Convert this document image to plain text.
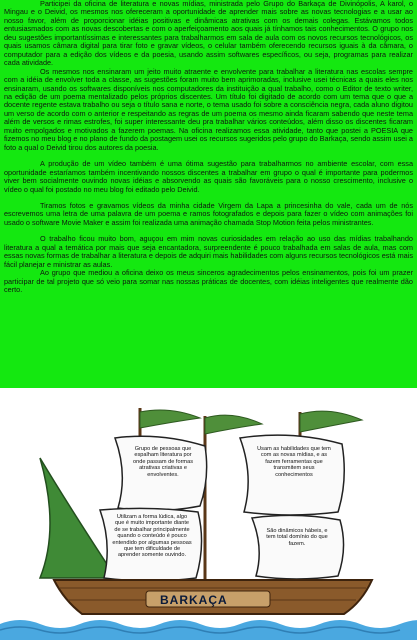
Participei da oficina de literatura e novas mídias, ministrada pelo Grupo do Barkaça de Divinópolis, A karol, o Mingau e o Deivid, os mesmos nos ofereceram a oportunidade de aprender mais sobre as novas tecnologias e a usar ao nosso favor, além de proporcionar idéias positivas e dinâmicas atrativas com os demais colegas. Estávamos todos entusiasmados com as novas descobertas e com o aperfeiçoamento aos quais já tínhamos tais conhecimentos. O grupo nos deu sugestões importantíssimas e interessantes para trabalharmos em sala de aula com os novos recursos tecnológicos, os quais usamos câmara digital para tirar foto e gravar vídeos, o celular também oferecendo recursos iguais à da câmara, o computador para a edição dos vídeos e da poesia, usando assim softwares específicos, ou seja, programas para realizar cada atividade.

Os mesmos nos ensinaram um jeito muito atraente e envolvente para trabalhar a literatura nas escolas sempre com a idéia de envolver toda a classe, as sugestões foram muito bem aprimoradas, inclusive usei técnicas a quais eles nos ensinaram, usando os softwares disponíveis nos computadores da instituição a qual trabalho, como o Editor de texto writer, na edição de um poema mentalizado pelos próprios discentes. Um título foi digitado de acordo com um tema que o que a docente regente estava trabalho ou seja o título sana e norte, o tema usado foi sobre a consciência negra, cada aluno digitou um verso de acordo com o anterior e respeitando as regras de um poema os mesmo ainda ficaram sabendo que neste tema além de versos e rimas estrofes, foi super interessante deu pra trabalhar vários conteúdos, além disso os discentes ficaram muito empolgados e motivados a fazerem poemas. Na oficina realizamos essa atividade, tanto que postei a POESIA que fizemos no meu blog e no plano de fundo da postagem usei os recursos sugeridos pelo grupo do Barkaça, sendo assim usei a foto a qual o Deivid tirou dos autores da poesia.

A produção de um vídeo também é uma ótima sugestão para trabalharmos no ambiente escolar, com essa oportunidade estaríamos também incentivando nossos discentes a trabalhar em grupo o qual é importante para podermos viver bem socialmente ouvindo novas idéias e absorvendo as quais são favoráveis para o nosso crescimento, inclusive o vídeo o qual foi postado no meu blog foi editado pelo Deivid.

Tiramos fotos e gravamos vídeos da minha cidade Virgem da Lapa a princesinha do vale, cada um de nós escrevemos uma letra de uma palavra de um poema e ramos fotografados e depois para fazer o vídeo com animações foi usado o software Movie Maker e assim foi realizada uma animação chamada Stop Motion feita pelos ministrantes.

O trabalho ficou muito bom, aguçou em mim novas curiosidades em relação ao uso das mídias trabalhando literatura a qual a temática por mais que seja encantadora, surpreendente é pouco trabalhada em salas de aula, mas com essas novas formas de trabalhar a literatura e depois de adquiri mais habilidades com alguns recursos tecnológicos está mais fácil planejar e ministrar as aulas.

Ao grupo que mediou a oficina deixo os meus sinceros agradecimentos pelos ensinamentos, pois foi um prazer participar de tal projeto que só veio para somar nas nossas práticas de docentes, com idéias inteligentes que realmente dão certo.

Grupo de pessoas que espalham literatura por onde passam de formas atrativas criativas e envolventes.
Utilizam a forma lúdica, algo que é muito importante diante de se trabalhar principalmente quando o conteúdo é pouco entendido por algumas pessoas que tem dificuldade de aprender somente ouvindo.
Usam as habilidades que tem com as novas mídias, e as fazem ferramentas que transmitem seus conhecimentos
São dinâmicos hábeis, e tem total domínio do que fazem.
BARKAÇA
